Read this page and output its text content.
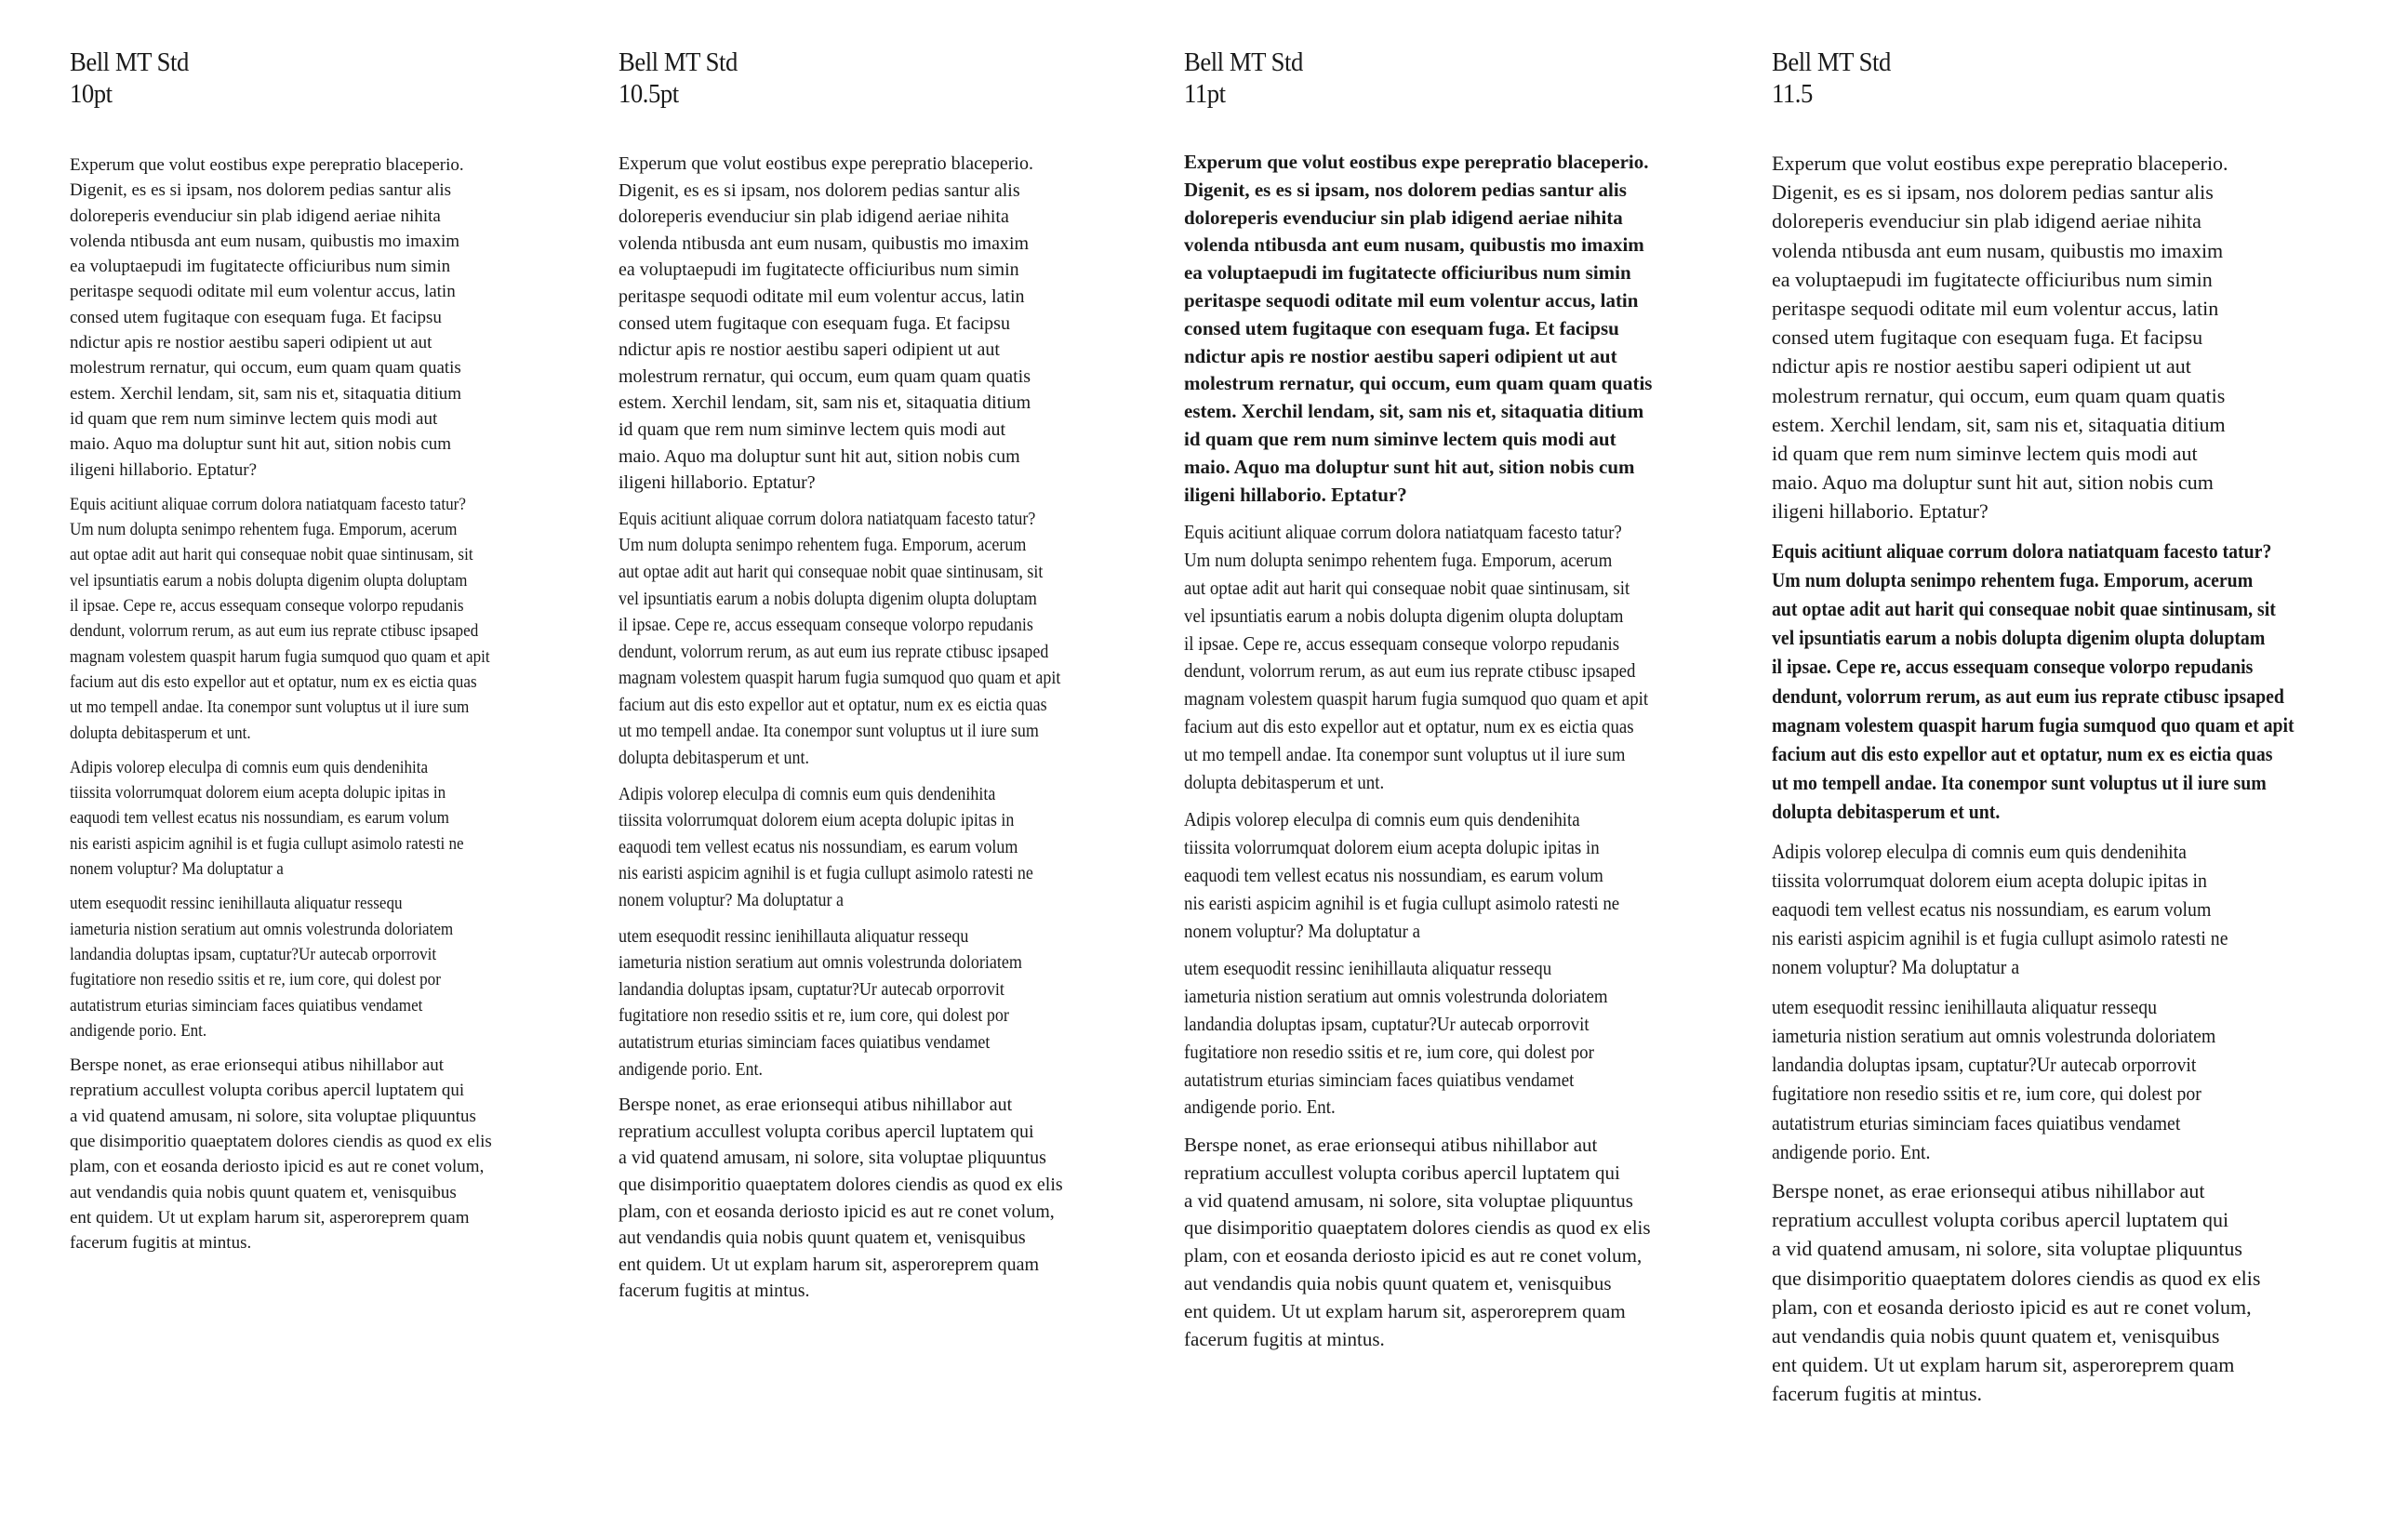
Bell MT Std
10pt
Experum que volut eostibus expe perepratio blaceperio.
Digenit, es es si ipsam, nos dolorem pedias santur alis
doloreperis evenduciur sin plab idigend aeriae nihita
volenda ntibusda ant eum nusam, quibustis mo imaxim
ea voluptaepudi im fugitatecte officiuribus num simin
peritaspe sequodi oditate mil eum volentur accus, latin
consed utem fugitaque con esequam fuga. Et facipsu
ndictur apis re nostior aestibu saperi odipient ut aut
molestrum rernatur, qui occum, eum quam quam quatis
estem. Xerchil lendam, sit, sam nis et, sitaquatia ditium
id quam que rem num siminve lectem quis modi aut
maio. Aquo ma doluptur sunt hit aut, sition nobis cum
iligeni hillaborio. Eptatur?
Equis acitiunt aliquae corrum dolora natiatquam facesto tatur?
Um num dolupta senimpo rehentem fuga. Emporum, acerum
aut optae adit aut harit qui consequae nobit quae sintinusam, sit
vel ipsuntiatis earum a nobis dolupta digenim olupta doluptam
il ipsae. Cepe re, accus essequam conseque volorpo repudanis
dendunt, volorrum rerum, as aut eum ius reprate ctibusc ipsaped
magnam volestem quaspit harum fugia sumquod quo quam et apit
facium aut dis esto expellor aut et optatur, num ex es eictia quas
ut mo tempell andae. Ita conempor sunt voluptus ut il iure sum
dolupta debitasperum et unt.
Adipis volorep eleculpa di comnis eum quis dendenihita
tiissita volorrumquat dolorem eium acepta dolupic ipitas in
eaquodi tem vellest ecatus nis nossundiam, es earum volum
nis earisti aspicim agnihil is et fugia cullupt asimolo ratesti ne
nonem voluptur? Ma doluptatur a
utem esequodit ressinc ienihillauta aliquatur ressequ
iameturia nistion seratium aut omnis volestrunda doloriatem
landandia doluptas ipsam, cuptatur?Ur autecab orporrovit
fugitatiore non resedio ssitis et re, ium core, qui dolest por
autatistrum eturias siminciam faces quiatibus vendamet
andigende porio. Ent.
Berspe nonet, as erae erionsequi atibus nihillabor aut
repratium accullest volupta coribus apercil luptatem qui
a vid quatend amusam, ni solore, sita voluptae pliquuntus
que disimporitio quaeptatem dolores ciendis as quod ex elis
plam, con et eosanda deriosto ipicid es aut re conet volum,
aut vendandis quia nobis quunt quatem et, venisquibus
ent quidem. Ut ut explam harum sit, asperoreprem quam
facerum fugitis at mintus.
Bell MT Std
10.5pt
Experum que volut eostibus expe perepratio blaceperio.
Digenit, es es si ipsam, nos dolorem pedias santur alis
doloreperis evenduciur sin plab idigend aeriae nihita
volenda ntibusda ant eum nusam, quibustis mo imaxim
ea voluptaepudi im fugitatecte officiuribus num simin
peritaspe sequodi oditate mil eum volentur accus, latin
consed utem fugitaque con esequam fuga. Et facipsu
ndictur apis re nostior aestibu saperi odipient ut aut
molestrum rernatur, qui occum, eum quam quam quatis
estem. Xerchil lendam, sit, sam nis et, sitaquatia ditium
id quam que rem num siminve lectem quis modi aut
maio. Aquo ma doluptur sunt hit aut, sition nobis cum
iligeni hillaborio. Eptatur?
Equis acitiunt aliquae corrum dolora natiatquam facesto tatur?
Um num dolupta senimpo rehentem fuga. Emporum, acerum
aut optae adit aut harit qui consequae nobit quae sintinusam, sit
vel ipsuntiatis earum a nobis dolupta digenim olupta doluptam
il ipsae. Cepe re, accus essequam conseque volorpo repudanis
dendunt, volorrum rerum, as aut eum ius reprate ctibusc ipsaped
magnam volestem quaspit harum fugia sumquod quo quam et apit
facium aut dis esto expellor aut et optatur, num ex es eictia quas
ut mo tempell andae. Ita conempor sunt voluptus ut il iure sum
dolupta debitasperum et unt.
Adipis volorep eleculpa di comnis eum quis dendenihita
tiissita volorrumquat dolorem eium acepta dolupic ipitas in
eaquodi tem vellest ecatus nis nossundiam, es earum volum
nis earisti aspicim agnihil is et fugia cullupt asimolo ratesti ne
nonem voluptur? Ma doluptatur a
utem esequodit ressinc ienihillauta aliquatur ressequ
iameturia nistion seratium aut omnis volestrunda doloriatem
landandia doluptas ipsam, cuptatur?Ur autecab orporrovit
fugitatiore non resedio ssitis et re, ium core, qui dolest por
autatistrum eturias siminciam faces quiatibus vendamet
andigende porio. Ent.
Berspe nonet, as erae erionsequi atibus nihillabor aut
repratium accullest volupta coribus apercil luptatem qui
a vid quatend amusam, ni solore, sita voluptae pliquuntus
que disimporitio quaeptatem dolores ciendis as quod ex elis
plam, con et eosanda deriosto ipicid es aut re conet volum,
aut vendandis quia nobis quunt quatem et, venisquibus
ent quidem. Ut ut explam harum sit, asperoreprem quam
facerum fugitis at mintus.
Bell MT Std
11pt
Experum que volut eostibus expe perepratio blaceperio.
Digenit, es es si ipsam, nos dolorem pedias santur alis
doloreperis evenduciur sin plab idigend aeriae nihita
volenda ntibusda ant eum nusam, quibustis mo imaxim
ea voluptaepudi im fugitatecte officiuribus num simin
peritaspe sequodi oditate mil eum volentur accus, latin
consed utem fugitaque con esequam fuga. Et facipsu
ndictur apis re nostior aestibu saperi odipient ut aut
molestrum rernatur, qui occum, eum quam quam quatis
estem. Xerchil lendam, sit, sam nis et, sitaquatia ditium
id quam que rem num siminve lectem quis modi aut
maio. Aquo ma doluptur sunt hit aut, sition nobis cum
iligeni hillaborio. Eptatur?
Equis acitiunt aliquae corrum dolora natiatquam facesto tatur?
Um num dolupta senimpo rehentem fuga. Emporum, acerum
aut optae adit aut harit qui consequae nobit quae sintinusam, sit
vel ipsuntiatis earum a nobis dolupta digenim olupta doluptam
il ipsae. Cepe re, accus essequam conseque volorpo repudanis
dendunt, volorrum rerum, as aut eum ius reprate ctibusc ipsaped
magnam volestem quaspit harum fugia sumquod quo quam et apit
facium aut dis esto expellor aut et optatur, num ex es eictia quas
ut mo tempell andae. Ita conempor sunt voluptus ut il iure sum
dolupta debitasperum et unt.
Adipis volorep eleculpa di comnis eum quis dendenihita
tiissita volorrumquat dolorem eium acepta dolupic ipitas in
eaquodi tem vellest ecatus nis nossundiam, es earum volum
nis earisti aspicim agnihil is et fugia cullupt asimolo ratesti ne
nonem voluptur? Ma doluptatur a
utem esequodit ressinc ienihillauta aliquatur ressequ
iameturia nistion seratium aut omnis volestrunda doloriatem
landandia doluptas ipsam, cuptatur?Ur autecab orporrovit
fugitatiore non resedio ssitis et re, ium core, qui dolest por
autatistrum eturias siminciam faces quiatibus vendamet
andigende porio. Ent.
Berspe nonet, as erae erionsequi atibus nihillabor aut
repratium accullest volupta coribus apercil luptatem qui
a vid quatend amusam, ni solore, sita voluptae pliquuntus
que disimporitio quaeptatem dolores ciendis as quod ex elis
plam, con et eosanda deriosto ipicid es aut re conet volum,
aut vendandis quia nobis quunt quatem et, venisquibus
ent quidem. Ut ut explam harum sit, asperoreprem quam
facerum fugitis at mintus.
Bell MT Std
11.5
Experum que volut eostibus expe perepratio blaceperio.
Digenit, es es si ipsam, nos dolorem pedias santur alis
doloreperis evenduciur sin plab idigend aeriae nihita
volenda ntibusda ant eum nusam, quibustis mo imaxim
ea voluptaepudi im fugitatecte officiuribus num simin
peritaspe sequodi oditate mil eum volentur accus, latin
consed utem fugitaque con esequam fuga. Et facipsu
ndictur apis re nostior aestibu saperi odipient ut aut
molestrum rernatur, qui occum, eum quam quam quatis
estem. Xerchil lendam, sit, sam nis et, sitaquatia ditium
id quam que rem num siminve lectem quis modi aut
maio. Aquo ma doluptur sunt hit aut, sition nobis cum
iligeni hillaborio. Eptatur?
Equis acitiunt aliquae corrum dolora natiatquam facesto tatur?
Um num dolupta senimpo rehentem fuga. Emporum, acerum
aut optae adit aut harit qui consequae nobit quae sintinusam, sit
vel ipsuntiatis earum a nobis dolupta digenim olupta doluptam
il ipsae. Cepe re, accus essequam conseque volorpo repudanis
dendunt, volorrum rerum, as aut eum ius reprate ctibusc ipsaped
magnam volestem quaspit harum fugia sumquod quo quam et apit
facium aut dis esto expellor aut et optatur, num ex es eictia quas
ut mo tempell andae. Ita conempor sunt voluptus ut il iure sum
dolupta debitasperum et unt.
Adipis volorep eleculpa di comnis eum quis dendenihita
tiissita volorrumquat dolorem eium acepta dolupic ipitas in
eaquodi tem vellest ecatus nis nossundiam, es earum volum
nis earisti aspicim agnihil is et fugia cullupt asimolo ratesti ne
nonem voluptur? Ma doluptatur a
utem esequodit ressinc ienihillauta aliquatur ressequ
iameturia nistion seratium aut omnis volestrunda doloriatem
landandia doluptas ipsam, cuptatur?Ur autecab orporrovit
fugitatiore non resedio ssitis et re, ium core, qui dolest por
autatistrum eturias siminciam faces quiatibus vendamet
andigende porio. Ent.
Berspe nonet, as erae erionsequi atibus nihillabor aut
repratium accullest volupta coribus apercil luptatem qui
a vid quatend amusam, ni solore, sita voluptae pliquuntus
que disimporitio quaeptatem dolores ciendis as quod ex elis
plam, con et eosanda deriosto ipicid es aut re conet volum,
aut vendandis quia nobis quunt quatem et, venisquibus
ent quidem. Ut ut explam harum sit, asperoreprem quam
facerum fugitis at mintus.
